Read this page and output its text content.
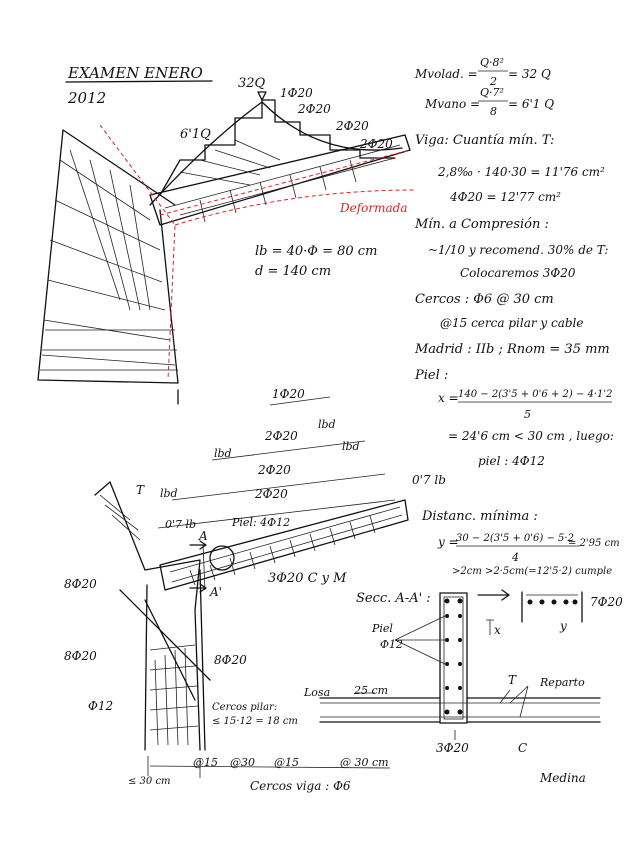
EXAMEN ENERO
2012
32Q
6'1Q
1Φ20
2Φ20
2Φ20
2Φ20
Deformada
lb = 40·Φ = 80 cm
d = 140 cm
Mvolad. =
Q·8²
2
= 32 Q
Mvano =
Q·7²
8
= 6'1 Q
Viga: Cuantía mín. T:
2,8‰ · 140·30 = 11'76 cm²
4Φ20 = 12'77 cm²
Mín. a Compresión :
~1/10 y recomend. 30% de T:
Colocaremos 3Φ20
Cercos : Φ6 @ 30 cm
@15 cerca pilar y cable
Madrid : IIb ; Rnom = 35 mm
Piel :
x = 140 − 2(3'5 + 0'6 + 2) − 4·1'2
5
= 24'6 cm < 30 cm , luego:
piel : 4Φ12
Distanc. mínima :
y =
30 − 2(3'5 + 0'6) − 5·2
4
= 2'95 cm
>2cm >2·5cm(=12'5·2) cumple
lbd
lbd
lbd
lbd
1Φ20
2Φ20
2Φ20
2Φ20
0'7 lb
0'7 lb
T
Piel: 4Φ12
A
A'
3Φ20 C y M
8Φ20
8Φ20	8Φ20
Φ12	Cercos pilar:
≤ 15·12 = 18 cm
@15 @30 @15	@ 30 cm
≤ 30 cm	Cercos viga : Φ6
Secc. A-A' :	7Φ20
Piel
Φ12
x	y
Losa 25 cm
T Reparto
3Φ20	C
Medina
